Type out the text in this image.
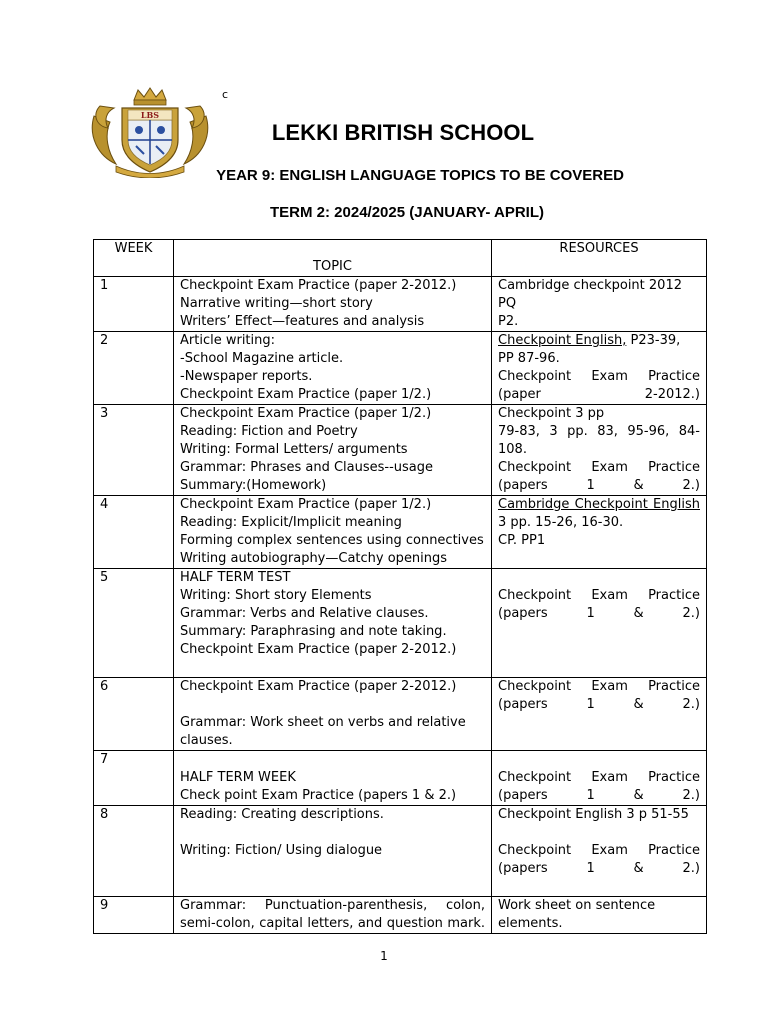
LBS
c
LEKKI BRITISH SCHOOL
YEAR 9: ENGLISH LANGUAGE TOPICS TO BE COVERED
TERM 2: 2024/2025 (JANUARY- APRIL)
WEEK	TOPIC	RESOURCES
1	Checkpoint Exam Practice (paper 2-2012.)
Narrative writing—short story
Writers’ Effect—features and analysis	Cambridge checkpoint 2012 PQ
P2.

2	Article writing:
-School Magazine article.
-Newspaper reports.
Checkpoint Exam Practice (paper 1/2.)	Checkpoint English, P23-39,
PP 87-96.
Checkpoint Exam Practice
(paper 2-2012.)

3	Checkpoint Exam Practice (paper 1/2.)
Reading: Fiction and Poetry
Writing: Formal Letters/ arguments
Grammar: Phrases and Clauses--usage
Summary:(Homework)	Checkpoint 3 pp
79-83, 3 pp. 83, 95-96, 84-108.
Checkpoint Exam Practice
(papers 1 & 2.)

4	Checkpoint Exam Practice (paper 1/2.)
Reading: Explicit/Implicit meaning
Forming complex sentences using connectives
Writing autobiography—Catchy openings	Cambridge Checkpoint English
3 pp. 15-26, 16-30.
CP. PP1

5	HALF TERM TEST
Writing: Short story Elements
Grammar: Verbs and Relative clauses.
Summary: Paraphrasing and note taking.
Checkpoint Exam Practice (paper 2-2012.)	Checkpoint Exam Practice
(papers 1 & 2.)

6	Checkpoint Exam Practice (paper 2-2012.)
Grammar: Work sheet on verbs and relative
clauses.	Checkpoint Exam Practice
(papers 1 & 2.)

7	HALF TERM WEEK
Check point Exam Practice (papers 1 & 2.)	Checkpoint Exam Practice
(papers 1 & 2.)

8	Reading: Creating descriptions.
Writing: Fiction/ Using dialogue	Checkpoint English 3 p 51-55
Checkpoint Exam Practice
(papers 1 & 2.)

9	Grammar: Punctuation-parenthesis, colon,
semi-colon, capital letters, and question mark.	Work sheet on sentence
elements.
1
